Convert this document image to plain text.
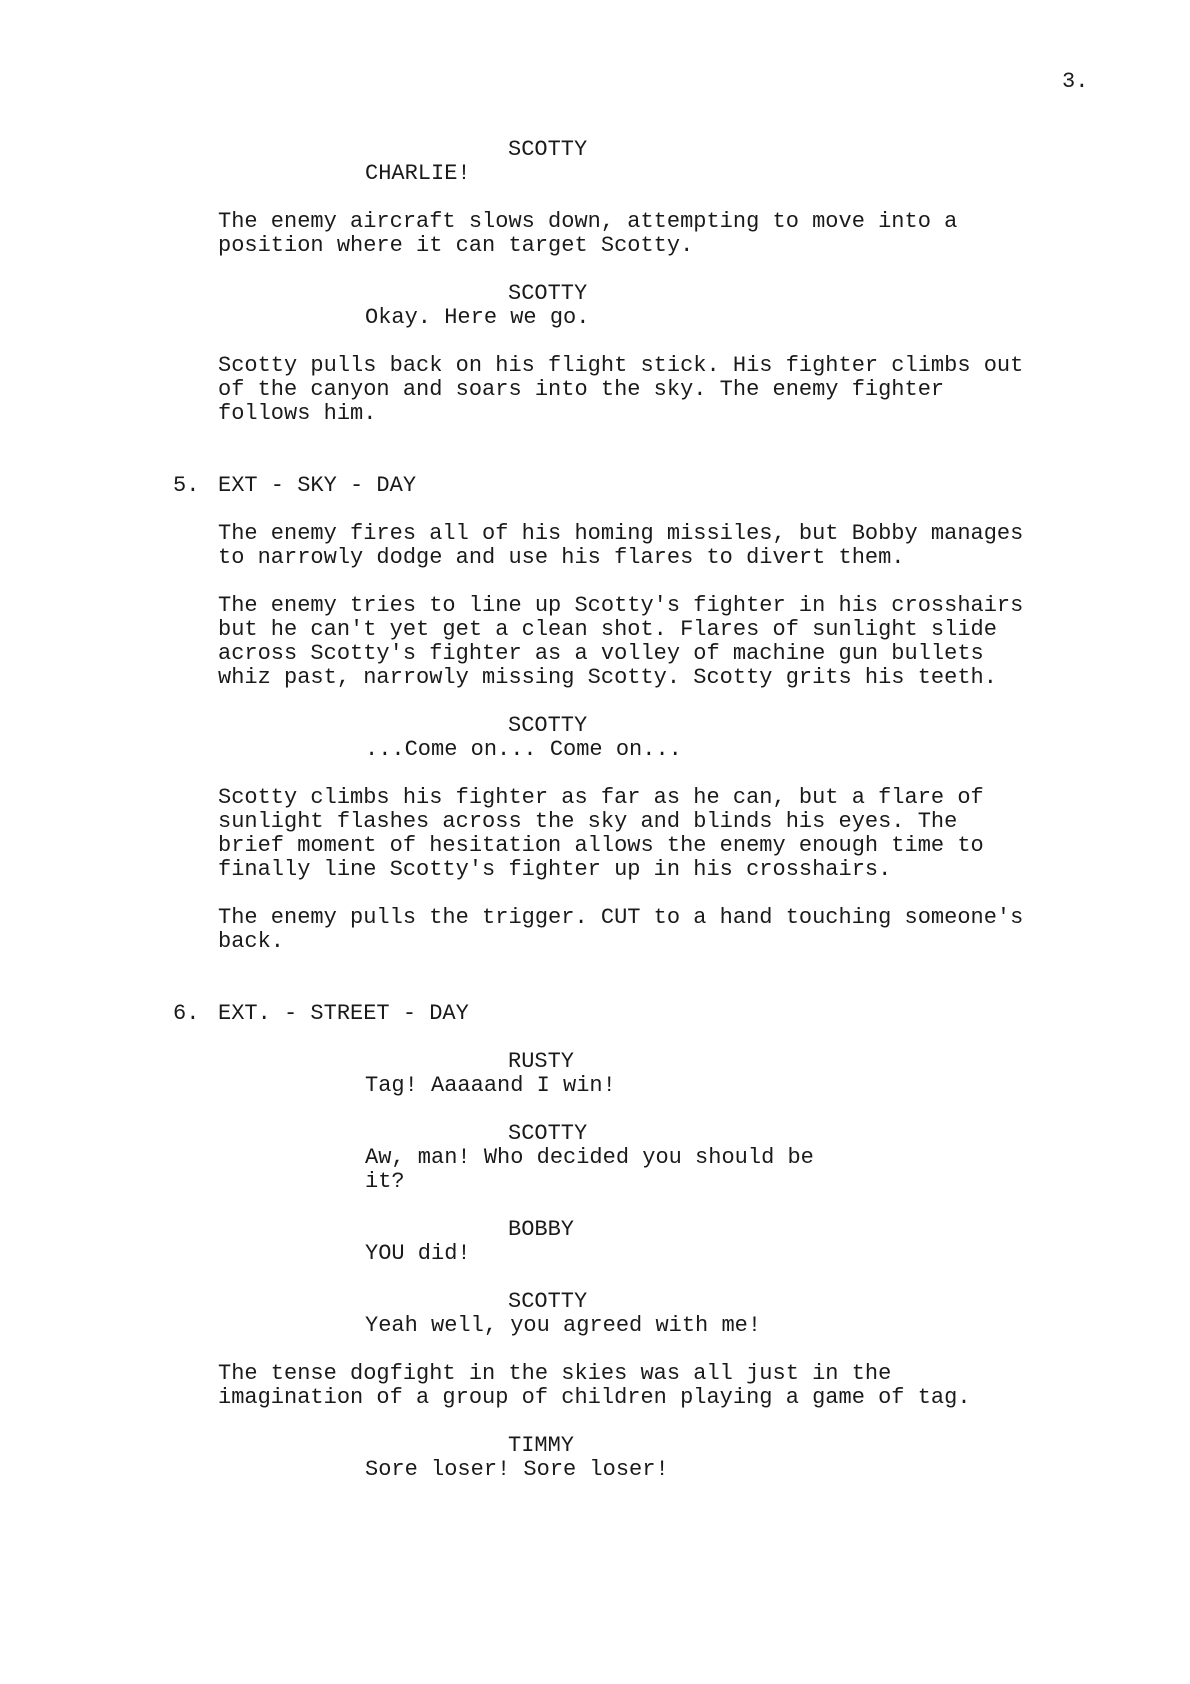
3.
SCOTTY
CHARLIE!
The enemy aircraft slows down, attempting to move into a
position where it can target Scotty.
SCOTTY
Okay. Here we go.
Scotty pulls back on his flight stick. His fighter climbs out
of the canyon and soars into the sky. The enemy fighter
follows him.
5. EXT - SKY - DAY
The enemy fires all of his homing missiles, but Bobby manages
to narrowly dodge and use his flares to divert them.
The enemy tries to line up Scotty's fighter in his crosshairs
but he can't yet get a clean shot. Flares of sunlight slide
across Scotty's fighter as a volley of machine gun bullets
whiz past, narrowly missing Scotty. Scotty grits his teeth.
SCOTTY
...Come on... Come on...
Scotty climbs his fighter as far as he can, but a flare of
sunlight flashes across the sky and blinds his eyes. The
brief moment of hesitation allows the enemy enough time to
finally line Scotty's fighter up in his crosshairs.
The enemy pulls the trigger. CUT to a hand touching someone's
back.
6. EXT. - STREET - DAY
RUSTY
Tag! Aaaaand I win!
SCOTTY
Aw, man! Who decided you should be
it?
BOBBY
YOU did!
SCOTTY
Yeah well, you agreed with me!
The tense dogfight in the skies was all just in the
imagination of a group of children playing a game of tag.
TIMMY
Sore loser! Sore loser!
